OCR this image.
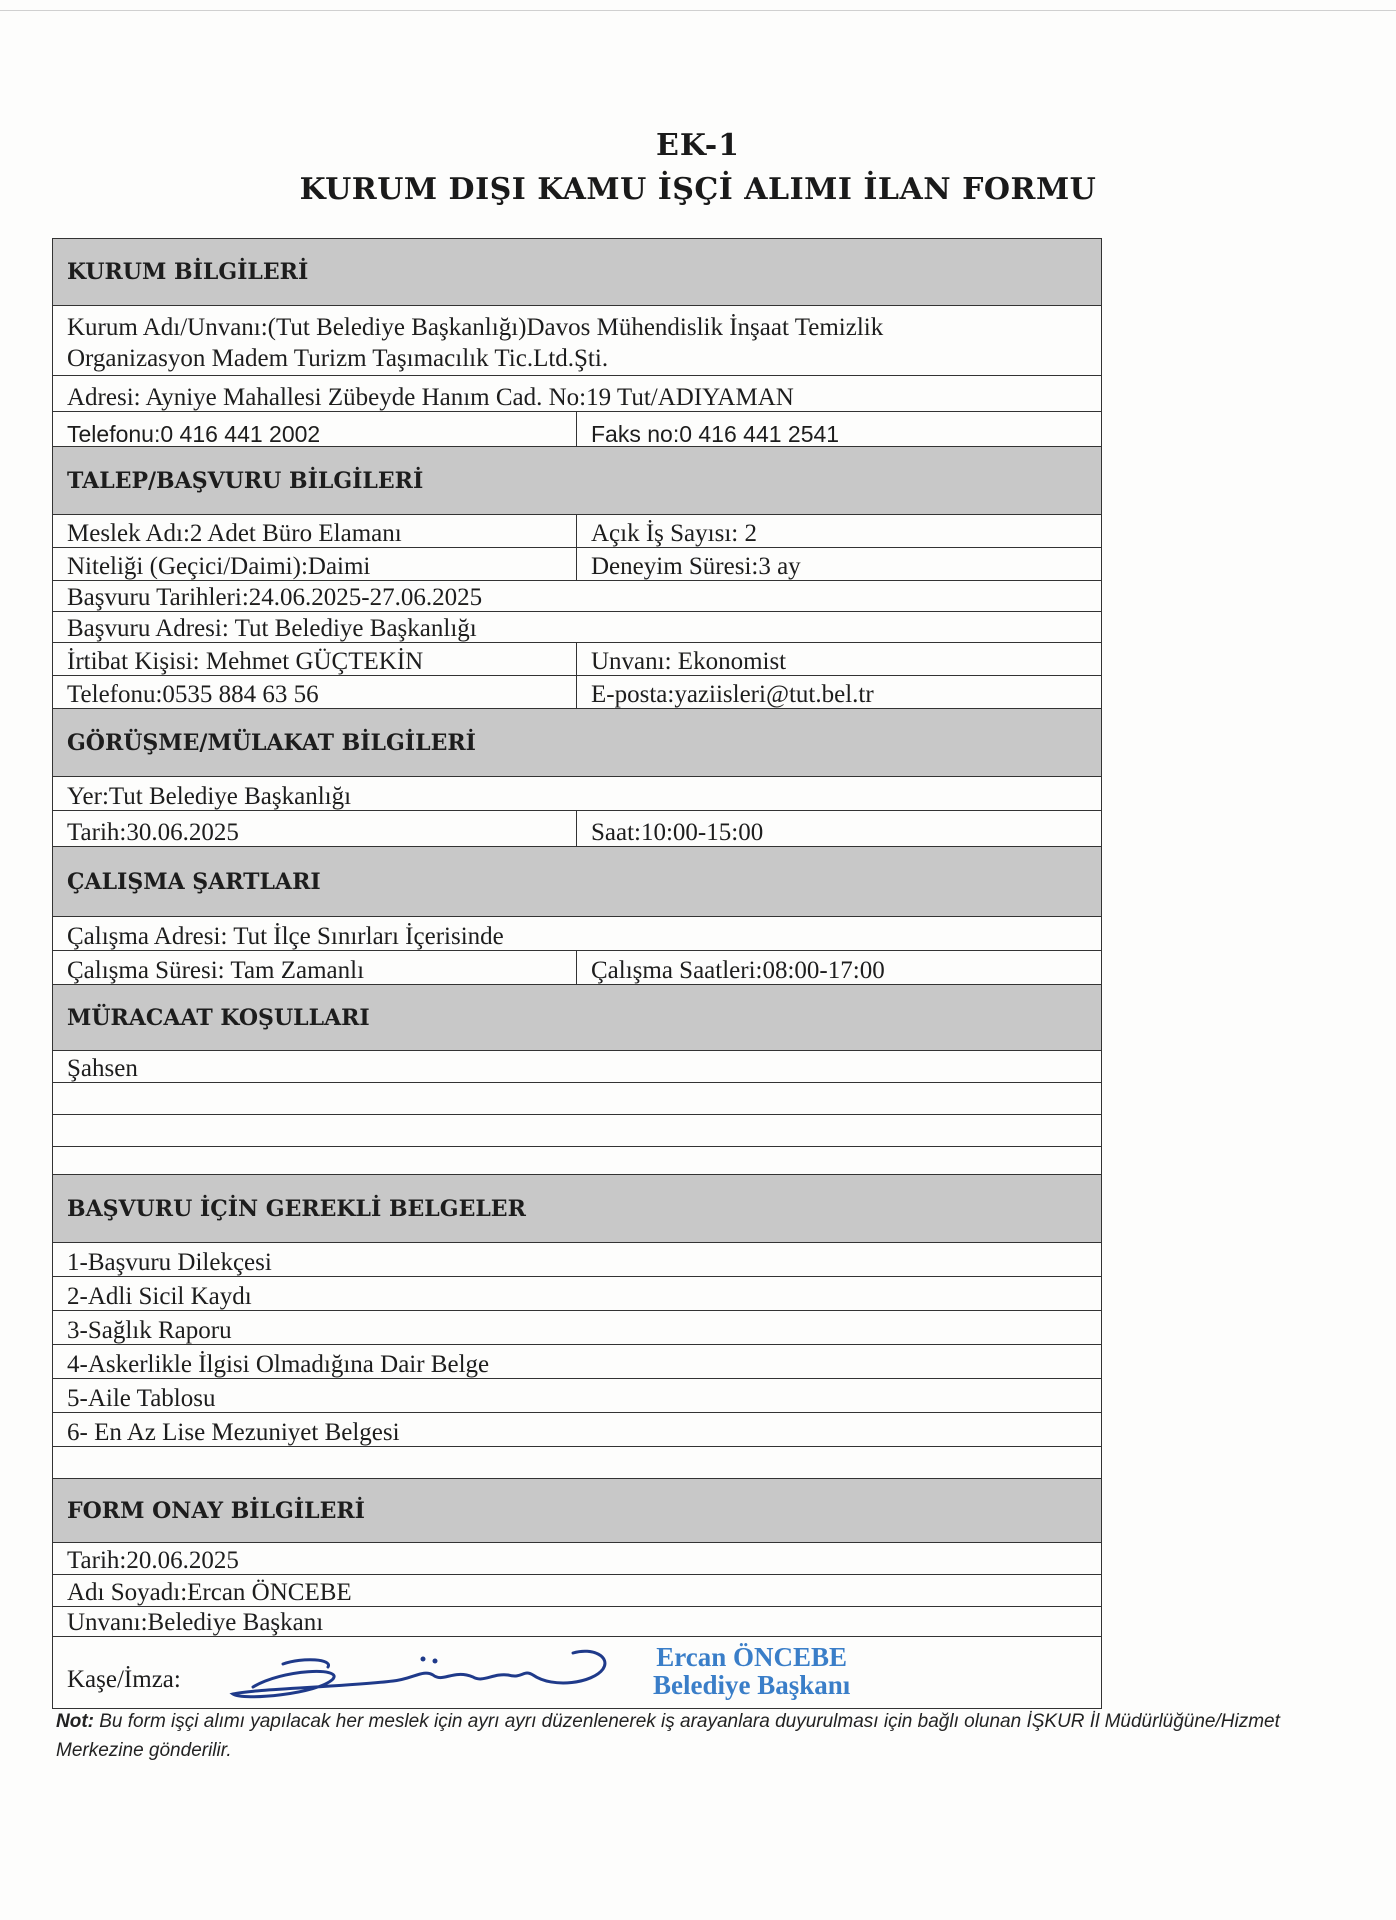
EK-1
KURUM DIŞI KAMU İŞÇİ ALIMI İLAN FORMU
KURUM BİLGİLERİ
Kurum Adı/Unvanı:(Tut Belediye Başkanlığı)Davos Mühendislik İnşaat Temizlik
Organizasyon Madem Turizm Taşımacılık Tic.Ltd.Şti.
Adresi: Ayniye Mahallesi Zübeyde Hanım Cad. No:19 Tut/ADIYAMAN
Telefonu:0 416 441 2002	Faks no:0 416 441 2541
TALEP/BAŞVURU BİLGİLERİ
Meslek Adı:2 Adet Büro Elamanı	Açık İş Sayısı: 2
Niteliği (Geçici/Daimi):Daimi	Deneyim Süresi:3 ay
Başvuru Tarihleri:24.06.2025-27.06.2025
Başvuru Adresi: Tut Belediye Başkanlığı
İrtibat Kişisi: Mehmet GÜÇTEKİN	Unvanı: Ekonomist
Telefonu:0535 884 63 56	E-posta:yaziisleri@tut.bel.tr
GÖRÜŞME/MÜLAKAT BİLGİLERİ
Yer:Tut Belediye Başkanlığı
Tarih:30.06.2025	Saat:10:00-15:00
ÇALIŞMA ŞARTLARI
Çalışma Adresi: Tut İlçe Sınırları İçerisinde
Çalışma Süresi: Tam Zamanlı	Çalışma Saatleri:08:00-17:00
MÜRACAAT KOŞULLARI
Şahsen
BAŞVURU İÇİN GEREKLİ BELGELER
1-Başvuru Dilekçesi
2-Adli Sicil Kaydı
3-Sağlık Raporu
4-Askerlikle İlgisi Olmadığına Dair Belge
5-Aile Tablosu
6- En Az Lise Mezuniyet Belgesi
FORM ONAY BİLGİLERİ
Tarih:20.06.2025
Adı Soyadı:Ercan ÖNCEBE
Unvanı:Belediye Başkanı
Kaşe/İmza:
Ercan ÖNCEBE
Belediye Başkanı
Not: Bu form işçi alımı yapılacak her meslek için ayrı ayrı düzenlenerek iş arayanlara duyurulması için bağlı olunan İŞKUR İl Müdürlüğüne/Hizmet Merkezine gönderilir.
